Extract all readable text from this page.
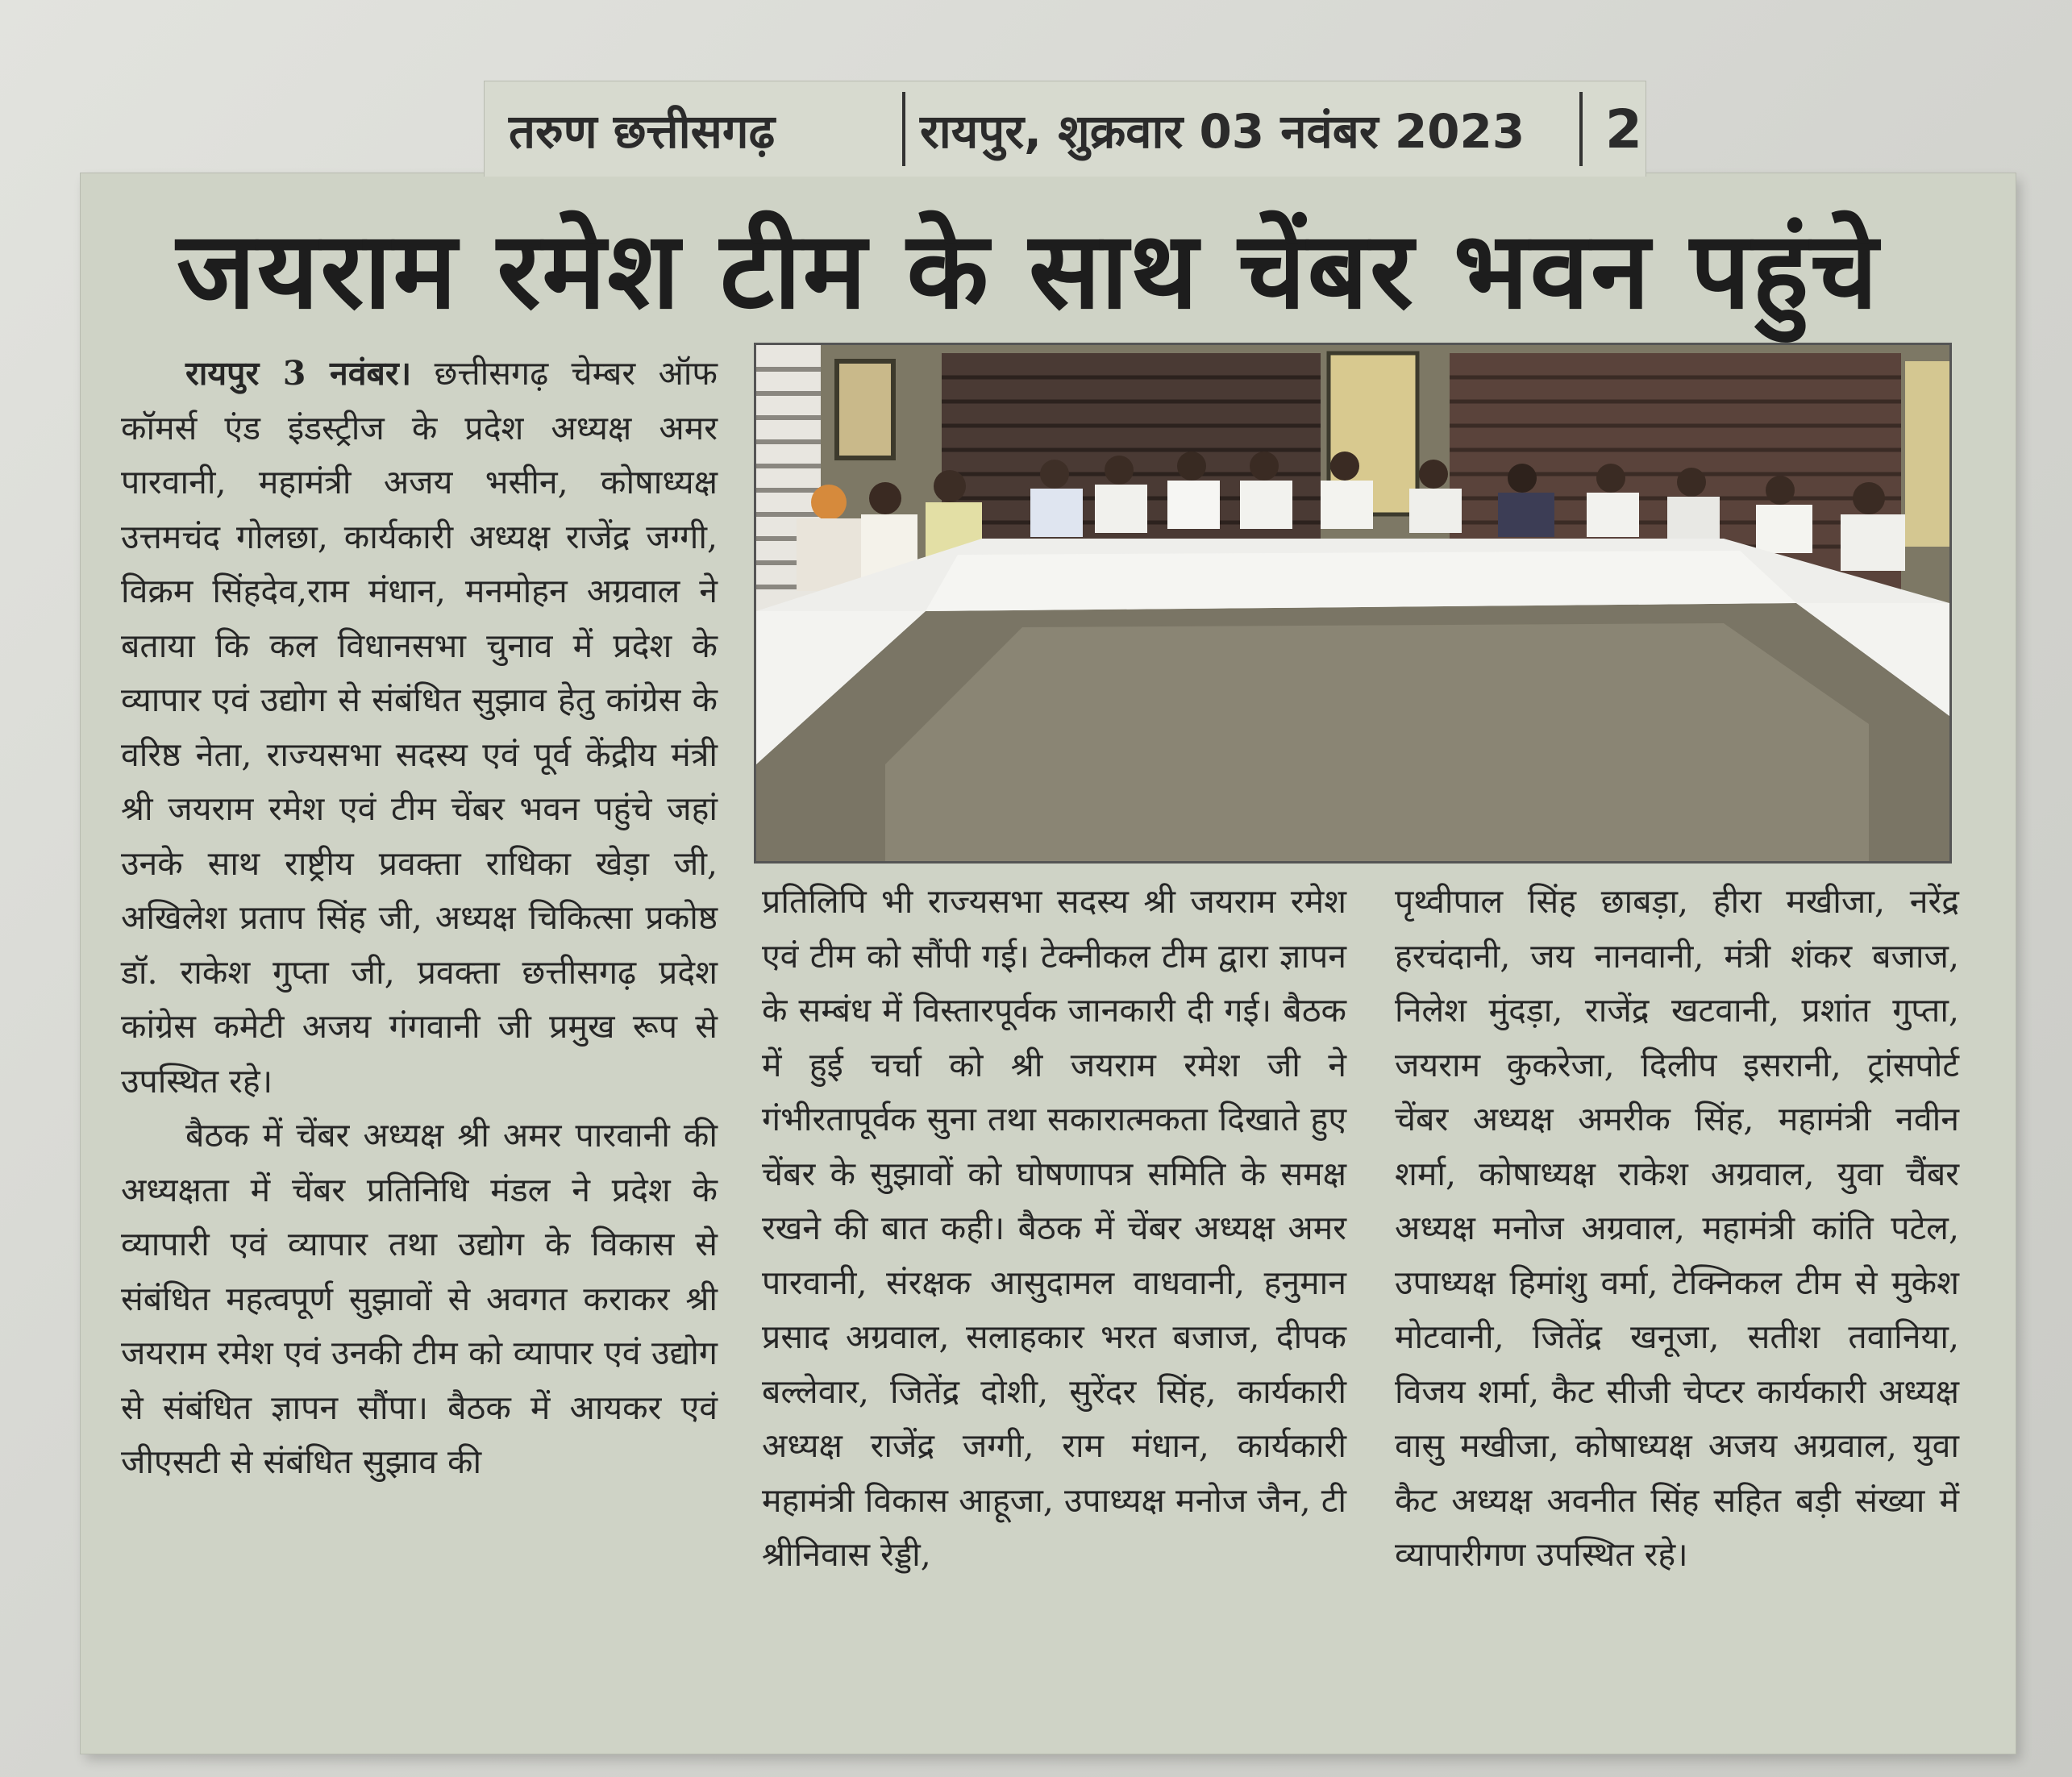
तरुण छत्तीसगढ़	रायपुर, शुक्रवार 03 नवंबर 2023	2
जयराम रमेश टीम के साथ चेंबर भवन पहुंचे

रायपुर 3 नवंबर। छत्तीसगढ़ चेम्बर ऑफ कॉमर्स एंड इंडस्ट्रीज के प्रदेश अध्यक्ष अमर पारवानी, महामंत्री अजय भसीन, कोषाध्यक्ष उत्तमचंद गोलछा, कार्यकारी अध्यक्ष राजेंद्र जग्गी, विक्रम सिंहदेव,राम मंधान, मनमोहन अग्रवाल ने बताया कि कल विधानसभा चुनाव में प्रदेश के व्यापार एवं उद्योग से संबंधित सुझाव हेतु कांग्रेस के वरिष्ठ नेता, राज्यसभा सदस्य एवं पूर्व केंद्रीय मंत्री श्री जयराम रमेश एवं टीम चेंबर भवन पहुंचे जहां उनके साथ राष्ट्रीय प्रवक्ता राधिका खेड़ा जी, अखिलेश प्रताप सिंह जी, अध्यक्ष चिकित्सा प्रकोष्ठ डॉ. राकेश गुप्ता जी, प्रवक्ता छत्तीसगढ़ प्रदेश कांग्रेस कमेटी अजय गंगवानी जी प्रमुख रूप से उपस्थित रहे।

बैठक में चेंबर अध्यक्ष श्री अमर पारवानी की अध्यक्षता में चेंबर प्रतिनिधि मंडल ने प्रदेश के व्यापारी एवं व्यापार तथा उद्योग के विकास से संबंधित महत्वपूर्ण सुझावों से अवगत कराकर श्री जयराम रमेश एवं उनकी टीम को व्यापार एवं उद्योग से संबंधित ज्ञापन सौंपा। बैठक में आयकर एवं जीएसटी से संबंधित सुझाव की

प्रतिलिपि भी राज्यसभा सदस्य श्री जयराम रमेश एवं टीम को सौंपी गई। टेक्नीकल टीम द्वारा ज्ञापन के सम्बंध में विस्तारपूर्वक जानकारी दी गई। बैठक में हुई चर्चा को श्री जयराम रमेश जी ने गंभीरतापूर्वक सुना तथा सकारात्मकता दिखाते हुए चेंबर के सुझावों को घोषणापत्र समिति के समक्ष रखने की बात कही। बैठक में चेंबर अध्यक्ष अमर पारवानी, संरक्षक आसुदामल वाधवानी, हनुमान प्रसाद अग्रवाल, सलाहकार भरत बजाज, दीपक बल्लेवार, जितेंद्र दोशी, सुरेंदर सिंह, कार्यकारी अध्यक्ष राजेंद्र जग्गी, राम मंधान, कार्यकारी महामंत्री विकास आहूजा, उपाध्यक्ष मनोज जैन, टी श्रीनिवास रेड्डी,

पृथ्वीपाल सिंह छाबड़ा, हीरा मखीजा, नरेंद्र हरचंदानी, जय नानवानी, मंत्री शंकर बजाज, निलेश मुंदड़ा, राजेंद्र खटवानी, प्रशांत गुप्ता, जयराम कुकरेजा, दिलीप इसरानी, ट्रांसपोर्ट चेंबर अध्यक्ष अमरीक सिंह, महामंत्री नवीन शर्मा, कोषाध्यक्ष राकेश अग्रवाल, युवा चैंबर अध्यक्ष मनोज अग्रवाल, महामंत्री कांति पटेल, उपाध्यक्ष हिमांशु वर्मा, टेक्निकल टीम से मुकेश मोटवानी, जितेंद्र खनूजा, सतीश तवानिया, विजय शर्मा, कैट सीजी चेप्टर कार्यकारी अध्यक्ष वासु मखीजा, कोषाध्यक्ष अजय अग्रवाल, युवा कैट अध्यक्ष अवनीत सिंह सहित बड़ी संख्या में व्यापारीगण उपस्थित रहे।
